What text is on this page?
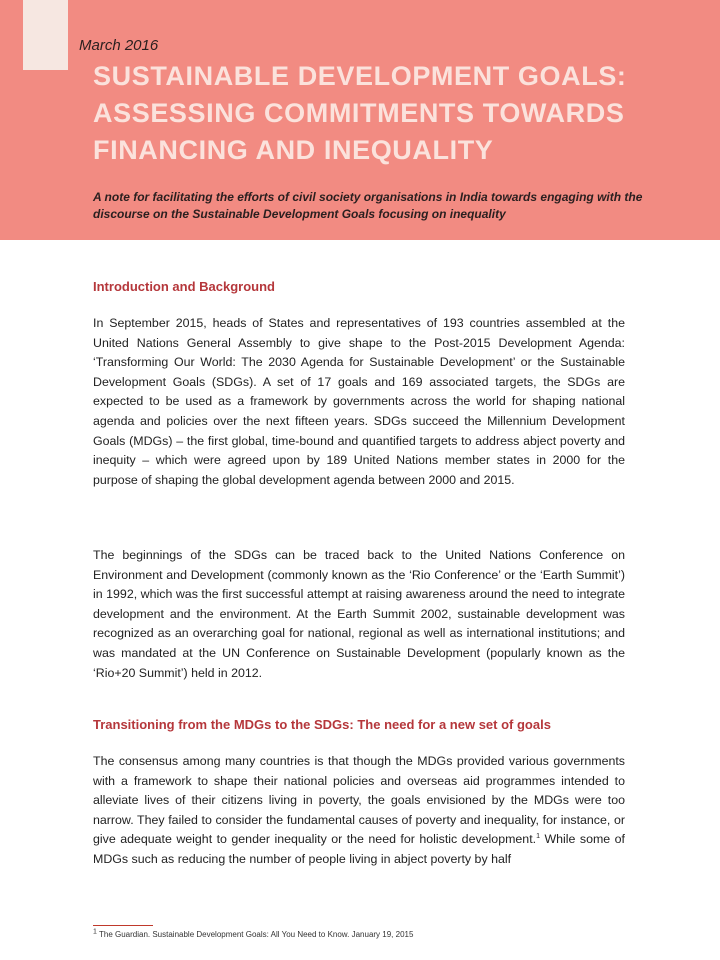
March 2016

SUSTAINABLE DEVELOPMENT GOALS: ASSESSING COMMITMENTS TOWARDS FINANCING AND INEQUALITY

A note for facilitating the efforts of civil society organisations in India towards engaging with the discourse on the Sustainable Development Goals focusing on inequality

Introduction and Background

In September 2015, heads of States and representatives of 193 countries assembled at the United Nations General Assembly to give shape to the Post-2015 Development Agenda: ‘Transforming Our World: The 2030 Agenda for Sustainable Development’ or the Sustainable Development Goals (SDGs). A set of 17 goals and 169 associated targets, the SDGs are expected to be used as a framework by governments across the world for shaping national agenda and policies over the next fifteen years. SDGs succeed the Millennium Development Goals (MDGs) – the first global, time-bound and quantified targets to address abject poverty and inequity – which were agreed upon by 189 United Nations member states in 2000 for the purpose of shaping the global development agenda between 2000 and 2015.

The beginnings of the SDGs can be traced back to the United Nations Conference on Environment and Development (commonly known as the ‘Rio Conference’ or the ‘Earth Summit’) in 1992, which was the first successful attempt at raising awareness around the need to integrate development and the environment. At the Earth Summit 2002, sustainable development was recognized as an overarching goal for national, regional as well as international institutions; and was mandated at the UN Conference on Sustainable Development (popularly known as the ‘Rio+20 Summit’) held in 2012.

Transitioning from the MDGs to the SDGs: The need for a new set of goals

The consensus among many countries is that though the MDGs provided various governments with a framework to shape their national policies and overseas aid programmes intended to alleviate lives of their citizens living in poverty, the goals envisioned by the MDGs were too narrow. They failed to consider the fundamental causes of poverty and inequality, for instance, or give adequate weight to gender inequality or the need for holistic development.$^1$ While some of MDGs such as reducing the number of people living in abject poverty by half

$^1$ The Guardian. Sustainable Development Goals: All You Need to Know. January 19, 2015
